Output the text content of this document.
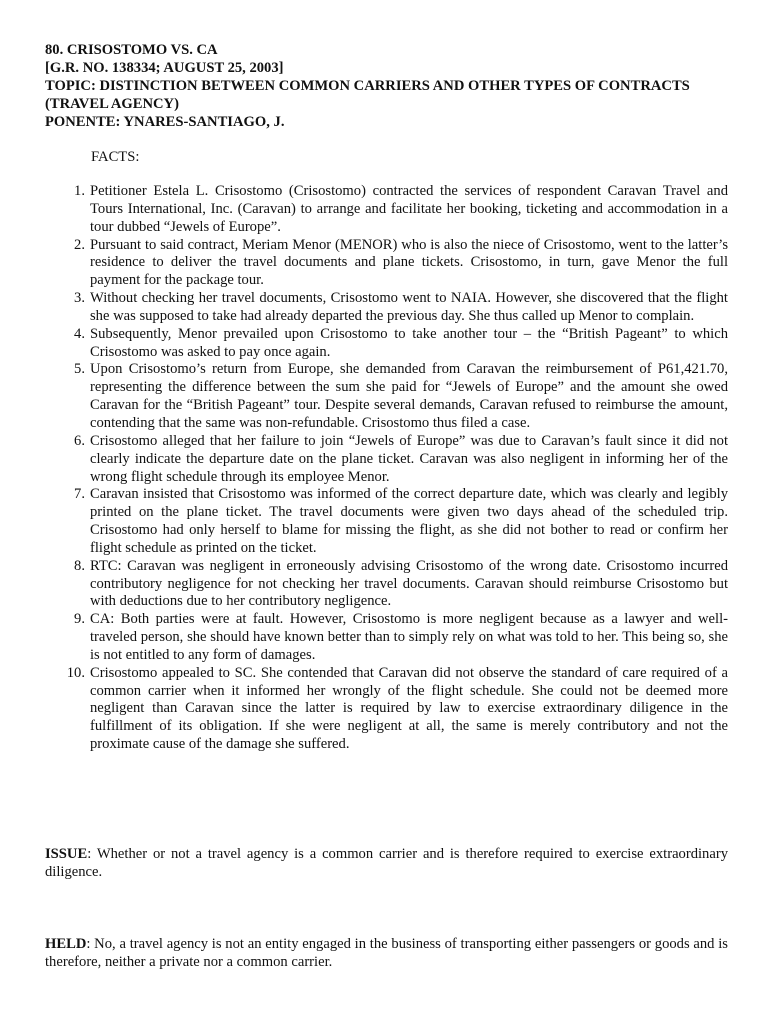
80. CRISOSTOMO VS. CA
[G.R. NO. 138334; AUGUST 25, 2003]
TOPIC: DISTINCTION BETWEEN COMMON CARRIERS AND OTHER TYPES OF CONTRACTS
(TRAVEL AGENCY)
PONENTE: YNARES-SANTIAGO, J.
FACTS:
1. Petitioner Estela L. Crisostomo (Crisostomo) contracted the services of respondent Caravan Travel and Tours International, Inc. (Caravan) to arrange and facilitate her booking, ticketing and accommodation in a tour dubbed “Jewels of Europe”.
2. Pursuant to said contract, Meriam Menor (MENOR) who is also the niece of Crisostomo, went to the latter’s residence to deliver the travel documents and plane tickets. Crisostomo, in turn, gave Menor the full payment for the package tour.
3. Without checking her travel documents, Crisostomo went to NAIA. However, she discovered that the flight she was supposed to take had already departed the previous day. She thus called up Menor to complain.
4. Subsequently, Menor prevailed upon Crisostomo to take another tour – the “British Pageant” to which Crisostomo was asked to pay once again.
5. Upon Crisostomo’s return from Europe, she demanded from Caravan the reimbursement of P61,421.70, representing the difference between the sum she paid for “Jewels of Europe” and the amount she owed Caravan for the “British Pageant” tour. Despite several demands, Caravan refused to reimburse the amount, contending that the same was non-refundable. Crisostomo thus filed a case.
6. Crisostomo alleged that her failure to join “Jewels of Europe” was due to Caravan’s fault since it did not clearly indicate the departure date on the plane ticket. Caravan was also negligent in informing her of the wrong flight schedule through its employee Menor.
7. Caravan insisted that Crisostomo was informed of the correct departure date, which was clearly and legibly printed on the plane ticket. The travel documents were given two days ahead of the scheduled trip. Crisostomo had only herself to blame for missing the flight, as she did not bother to read or confirm her flight schedule as printed on the ticket.
8. RTC: Caravan was negligent in erroneously advising Crisostomo of the wrong date. Crisostomo incurred contributory negligence for not checking her travel documents. Caravan should reimburse Crisostomo but with deductions due to her contributory negligence.
9. CA: Both parties were at fault. However, Crisostomo is more negligent because as a lawyer and well-traveled person, she should have known better than to simply rely on what was told to her. This being so, she is not entitled to any form of damages.
10. Crisostomo appealed to SC. She contended that Caravan did not observe the standard of care required of a common carrier when it informed her wrongly of the flight schedule. She could not be deemed more negligent than Caravan since the latter is required by law to exercise extraordinary diligence in the fulfillment of its obligation. If she were negligent at all, the same is merely contributory and not the proximate cause of the damage she suffered.
ISSUE: Whether or not a travel agency is a common carrier and is therefore required to exercise extraordinary diligence.
HELD: No, a travel agency is not an entity engaged in the business of transporting either passengers or goods and is therefore, neither a private nor a common carrier.
